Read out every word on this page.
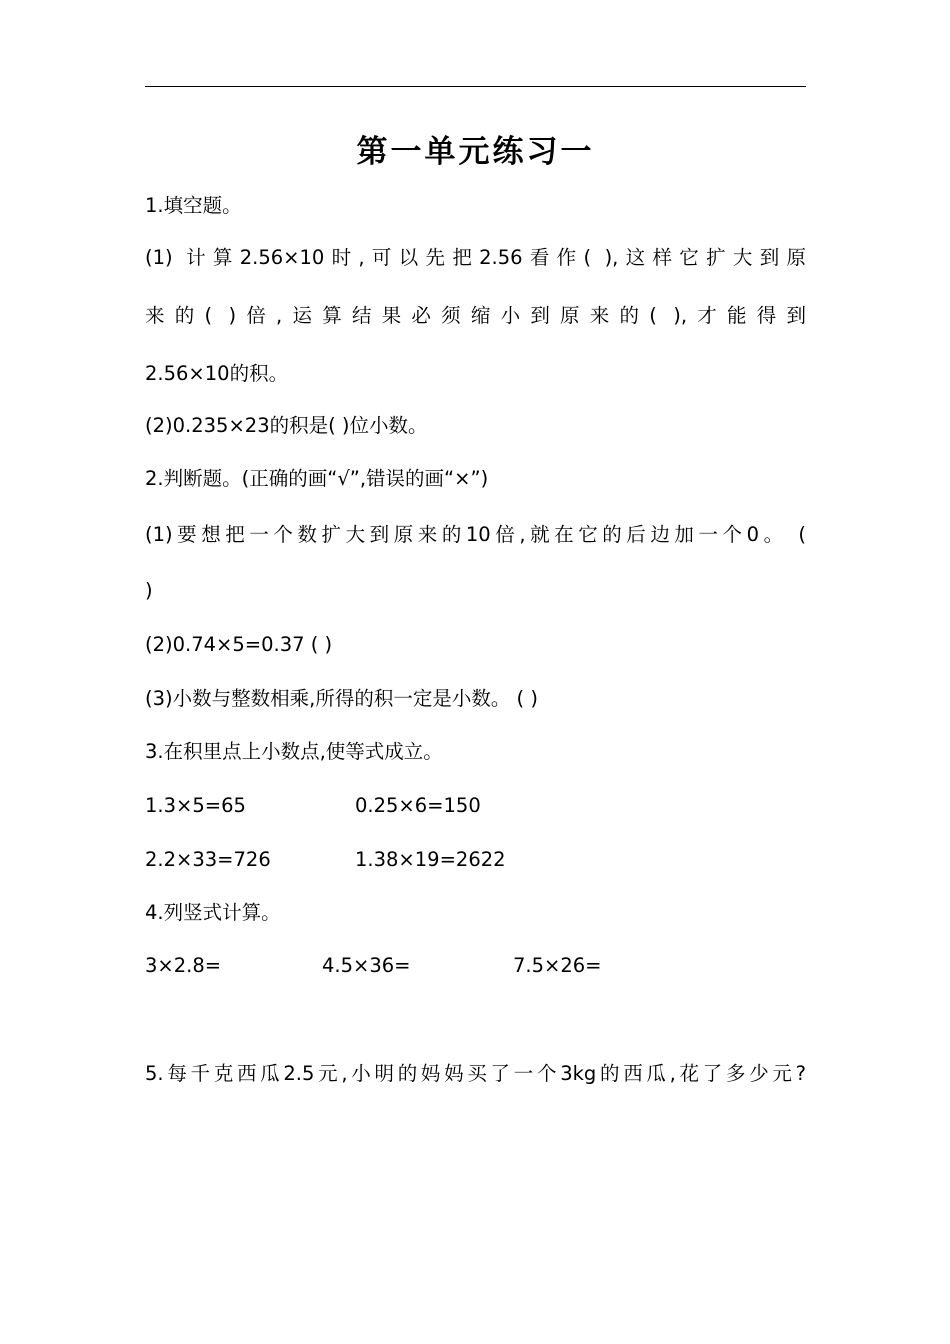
第一单元练习一
1.填空题。
(1) 计算2.56×10时,可以先把2.56看作( ),这样它扩大到原
来的( )倍,运算结果必须缩小到原来的( ),才能得到
2.56×10的积。
(2)0.235×23的积是( )位小数。
2.判断题。(正确的画“√”,错误的画“×”)
(1)要想把一个数扩大到原来的10倍,就在它的后边加一个0。 (
)
(2)0.74×5=0.37 ( )
(3)小数与整数相乘,所得的积一定是小数。 ( )
3.在积里点上小数点,使等式成立。
1.3×5=65	0.25×6=150
2.2×33=726	1.38×19=2622
4.列竖式计算。
3×2.8=	4.5×36=	7.5×26=
5.每千克西瓜2.5元,小明的妈妈买了一个3kg的西瓜,花了多少元?
